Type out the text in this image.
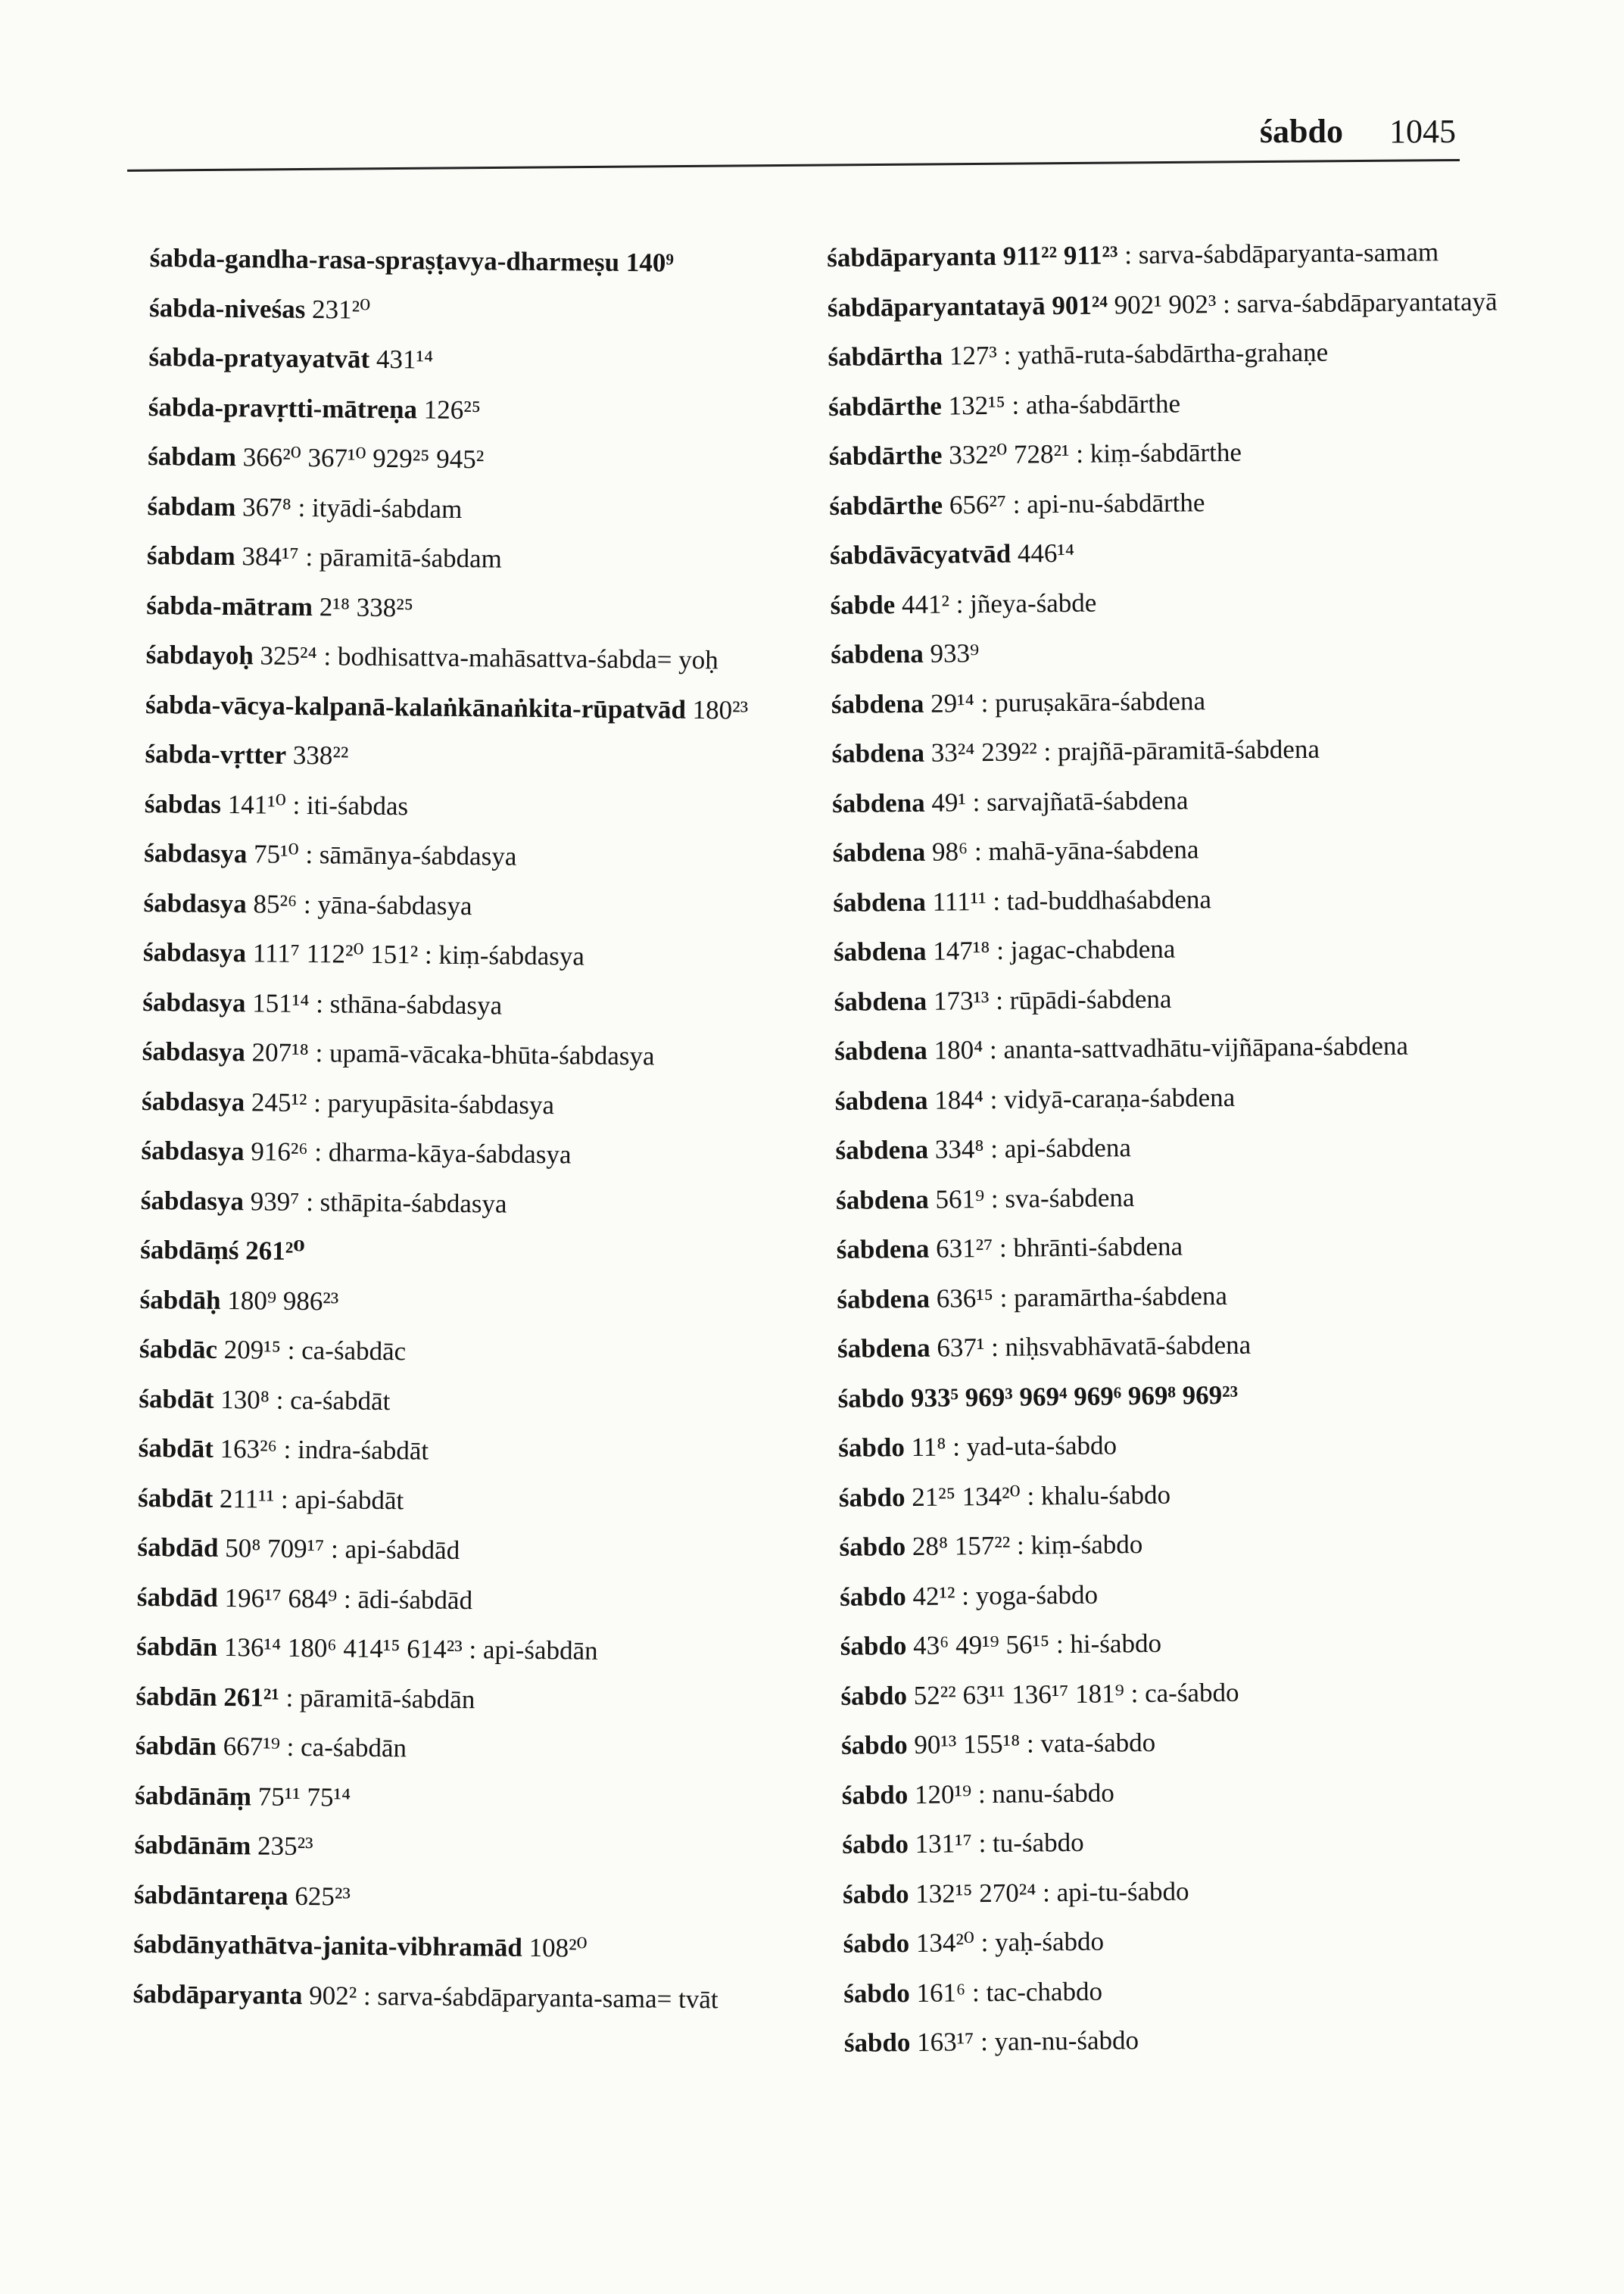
śabdo 1045
śabda-gandha-rasa-spraṣṭavya-dharmeṣu 140⁹
śabda-niveśas 231²⁰
śabda-pratyayatvāt 431¹⁴
śabda-pravṛtti-mātreṇa 126²⁵
śabdam 366²⁰ 367¹⁰ 929²⁵ 945²
śabdam 367⁸ : ityādi-śabdam
śabdam 384¹⁷ : pāramitā-śabdam
śabda-mātram 2¹⁸ 338²⁵
śabdayoḥ 325²⁴ : bodhisattva-mahāsattva-śabda= yoḥ
śabda-vācya-kalpanā-kalaṅkānaṅkita-rūpatvād 180²³
śabda-vṛtter 338²²
śabdas 141¹⁰ : iti-śabdas
śabdasya 75¹⁰ : sāmānya-śabdasya
śabdasya 85²⁶ : yāna-śabdasya
śabdasya 111⁷ 112²⁰ 151² : kiṃ-śabdasya
śabdasya 151¹⁴ : sthāna-śabdasya
śabdasya 207¹⁸ : upamā-vācaka-bhūta-śabdasya
śabdasya 245¹² : paryupāsita-śabdasya
śabdasya 916²⁶ : dharma-kāya-śabdasya
śabdasya 939⁷ : sthāpita-śabdasya
śabdāṃś 261²⁰
śabdāḥ 180⁹ 986²³
śabdāc 209¹⁵ : ca-śabdāc
śabdāt 130⁸ : ca-śabdāt
śabdāt 163²⁶ : indra-śabdāt
śabdāt 211¹¹ : api-śabdāt
śabdād 50⁸ 709¹⁷ : api-śabdād
śabdād 196¹⁷ 684⁹ : ādi-śabdād
śabdān 136¹⁴ 180⁶ 414¹⁵ 614²³ : api-śabdān
śabdān 261²¹ : pāramitā-śabdān
śabdān 667¹⁹ : ca-śabdān
śabdānāṃ 75¹¹ 75¹⁴
śabdānām 235²³
śabdāntareṇa 625²³
śabdānyathātva-janita-vibhramād 108²⁰
śabdāparyanta 902² : sarva-śabdāparyanta-sama= tvāt
śabdāparyanta 911²² 911²³ : sarva-śabdāparyanta-samam
śabdāparyantatayā 901²⁴ 902¹ 902³ : sarva-śabdāparyantatayā
śabdārtha 127³ : yathā-ruta-śabdārtha-grahaṇe
śabdārthe 132¹⁵ : atha-śabdārthe
śabdārthe 332²⁰ 728²¹ : kiṃ-śabdārthe
śabdārthe 656²⁷ : api-nu-śabdārthe
śabdāvācyatvād 446¹⁴
śabde 441² : jñeya-śabde
śabdena 933⁹
śabdena 29¹⁴ : puruṣakāra-śabdena
śabdena 33²⁴ 239²² : prajñā-pāramitā-śabdena
śabdena 49¹ : sarvajñatā-śabdena
śabdena 98⁶ : mahā-yāna-śabdena
śabdena 111¹¹ : tad-buddhaśabdena
śabdena 147¹⁸ : jagac-chabdena
śabdena 173¹³ : rūpādi-śabdena
śabdena 180⁴ : ananta-sattvadhātu-vijñāpana-śabdena
śabdena 184⁴ : vidyā-caraṇa-śabdena
śabdena 334⁸ : api-śabdena
śabdena 561⁹ : sva-śabdena
śabdena 631²⁷ : bhrānti-śabdena
śabdena 636¹⁵ : paramārtha-śabdena
śabdena 637¹ : niḥsvabhāvatā-śabdena
śabdo 933⁵ 969³ 969⁴ 969⁶ 969⁸ 969²³
śabdo 11⁸ : yad-uta-śabdo
śabdo 21²⁵ 134²⁰ : khalu-śabdo
śabdo 28⁸ 157²² : kiṃ-śabdo
śabdo 42¹² : yoga-śabdo
śabdo 43⁶ 49¹⁹ 56¹⁵ : hi-śabdo
śabdo 52²² 63¹¹ 136¹⁷ 181⁹ : ca-śabdo
śabdo 90¹³ 155¹⁸ : vata-śabdo
śabdo 120¹⁹ : nanu-śabdo
śabdo 131¹⁷ : tu-śabdo
śabdo 132¹⁵ 270²⁴ : api-tu-śabdo
śabdo 134²⁰ : yaḥ-śabdo
śabdo 161⁶ : tac-chabdo
śabdo 163¹⁷ : yan-nu-śabdo
